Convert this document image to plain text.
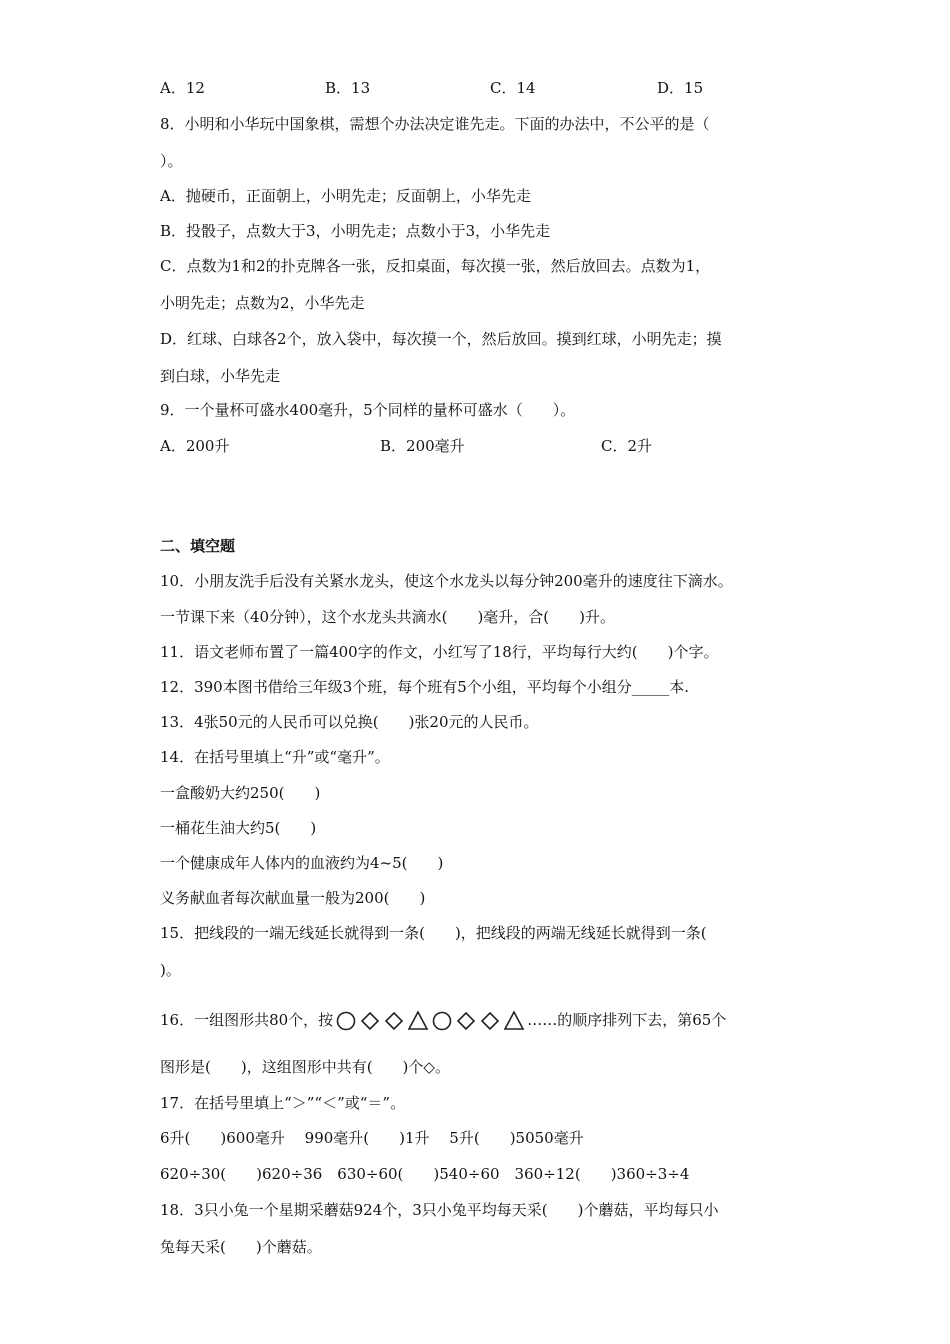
A．12	B．13	C．14	D．15
8．小明和小华玩中国象棋，需想个办法决定谁先走。下面的办法中，不公平的是（
）。
A．抛硬币，正面朝上，小明先走；反面朝上，小华先走
B．投骰子，点数大于3，小明先走；点数小于3，小华先走
C．点数为1和2的扑克牌各一张，反扣桌面，每次摸一张，然后放回去。点数为1，
小明先走；点数为2，小华先走
D．红球、白球各2个，放入袋中，每次摸一个，然后放回。摸到红球，小明先走；摸
到白球，小华先走
9．一个量杯可盛水400毫升，5个同样的量杯可盛水（　　）。
A．200升	B．200毫升	C．2升
二、填空题
10．小朋友洗手后没有关紧水龙头，使这个水龙头以每分钟200毫升的速度往下滴水。
一节课下来（40分钟），这个水龙头共滴水(　　)毫升，合(　　)升。
11．语文老师布置了一篇400字的作文，小红写了18行，平均每行大约(　　)个字。
12．390本图书借给三年级3个班，每个班有5个小组，平均每个小组分_____本.
13．4张50元的人民币可以兑换(　　)张20元的人民币。
14．在括号里填上“升”或“毫升”。
一盒酸奶大约250(　　)
一桶花生油大约5(　　)
一个健康成年人体内的血液约为4~5(　　)
义务献血者每次献血量一般为200(　　)
15．把线段的一端无线延长就得到一条(　　)，把线段的两端无线延长就得到一条(
)。
16．一组图形共80个，按	……的顺序排列下去，第65个
图形是(　　)，这组图形中共有(　　)个◇。
17．在括号里填上“＞”“＜”或“＝”。
6升(　　)600毫升　 990毫升(　　)1升　 5升(　　)5050毫升
620÷30(　　)620÷36　630÷60(　　)540÷60　360÷12(　　)360÷3÷4
18．3只小兔一个星期采蘑菇924个，3只小兔平均每天采(　　)个蘑菇，平均每只小
兔每天采(　　)个蘑菇。
